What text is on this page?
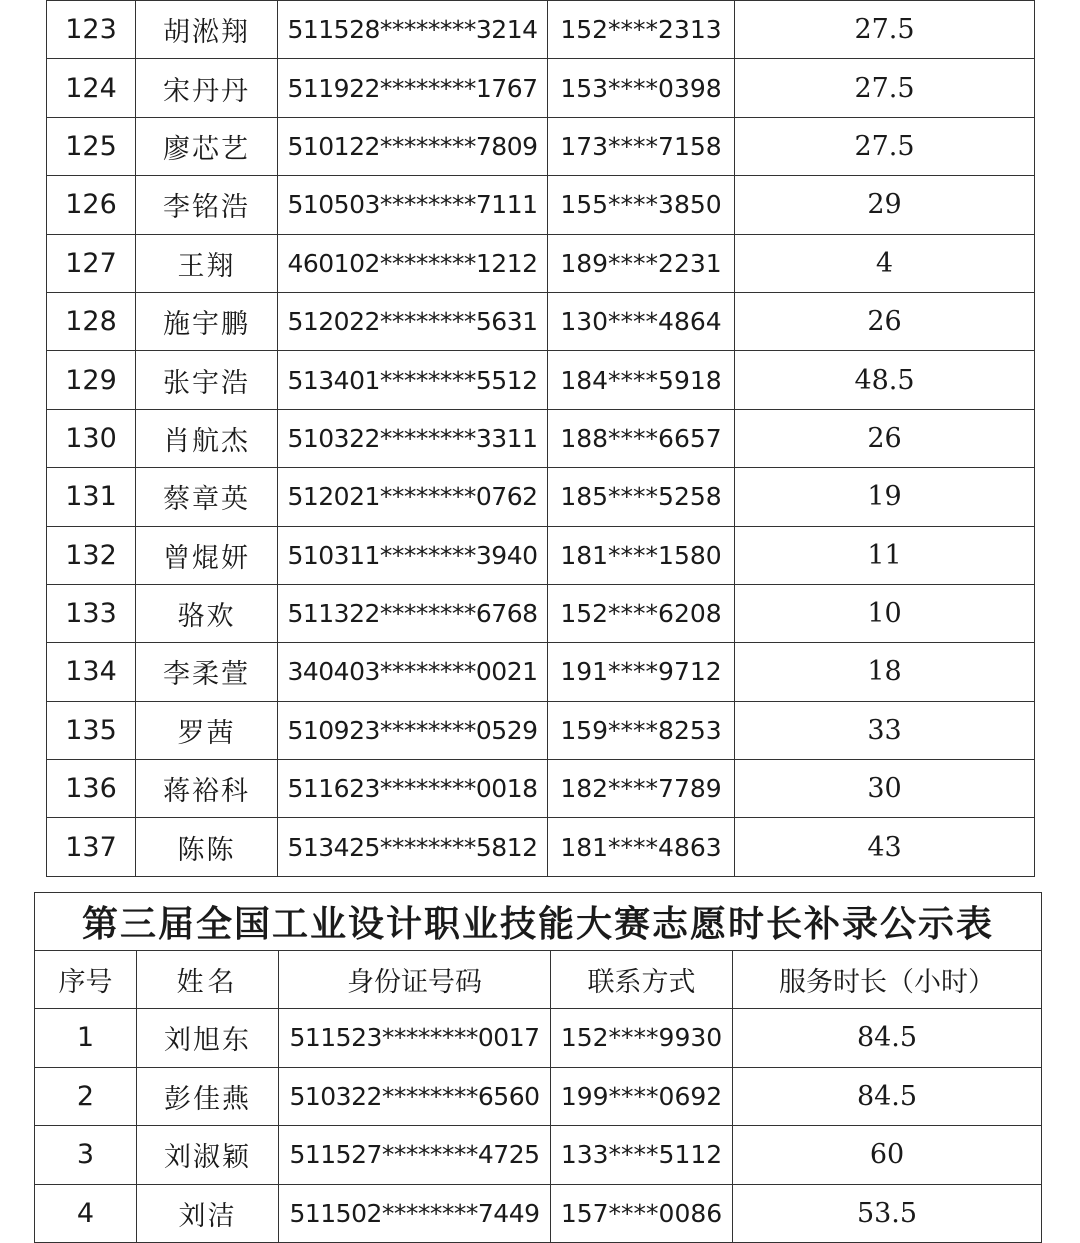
123	胡淞翔	511528********3214	152****2313	27.5
124	宋丹丹	511922********1767	153****0398	27.5
125	廖芯艺	510122********7809	173****7158	27.5
126	李铭浩	510503********7111	155****3850	29
127	王翔	460102********1212	189****2231	4
128	施宇鹏	512022********5631	130****4864	26
129	张宇浩	513401********5512	184****5918	48.5
130	肖航杰	510322********3311	188****6657	26
131	蔡章英	512021********0762	185****5258	19
132	曾焜妍	510311********3940	181****1580	11
133	骆欢	511322********6768	152****6208	10
134	李柔萱	340403********0021	191****9712	18
135	罗茜	510923********0529	159****8253	33
136	蒋裕科	511623********0018	182****7789	30
137	陈陈	513425********5812	181****4863	43
第三届全国工业设计职业技能大赛志愿时长补录公示表				
序号	姓名	身份证号码	联系方式	服务时长（小时）
1	刘旭东	511523********0017	152****9930	84.5
2	彭佳燕	510322********6560	199****0692	84.5
3	刘淑颖	511527********4725	133****5112	60
4	刘洁	511502********7449	157****0086	53.5
